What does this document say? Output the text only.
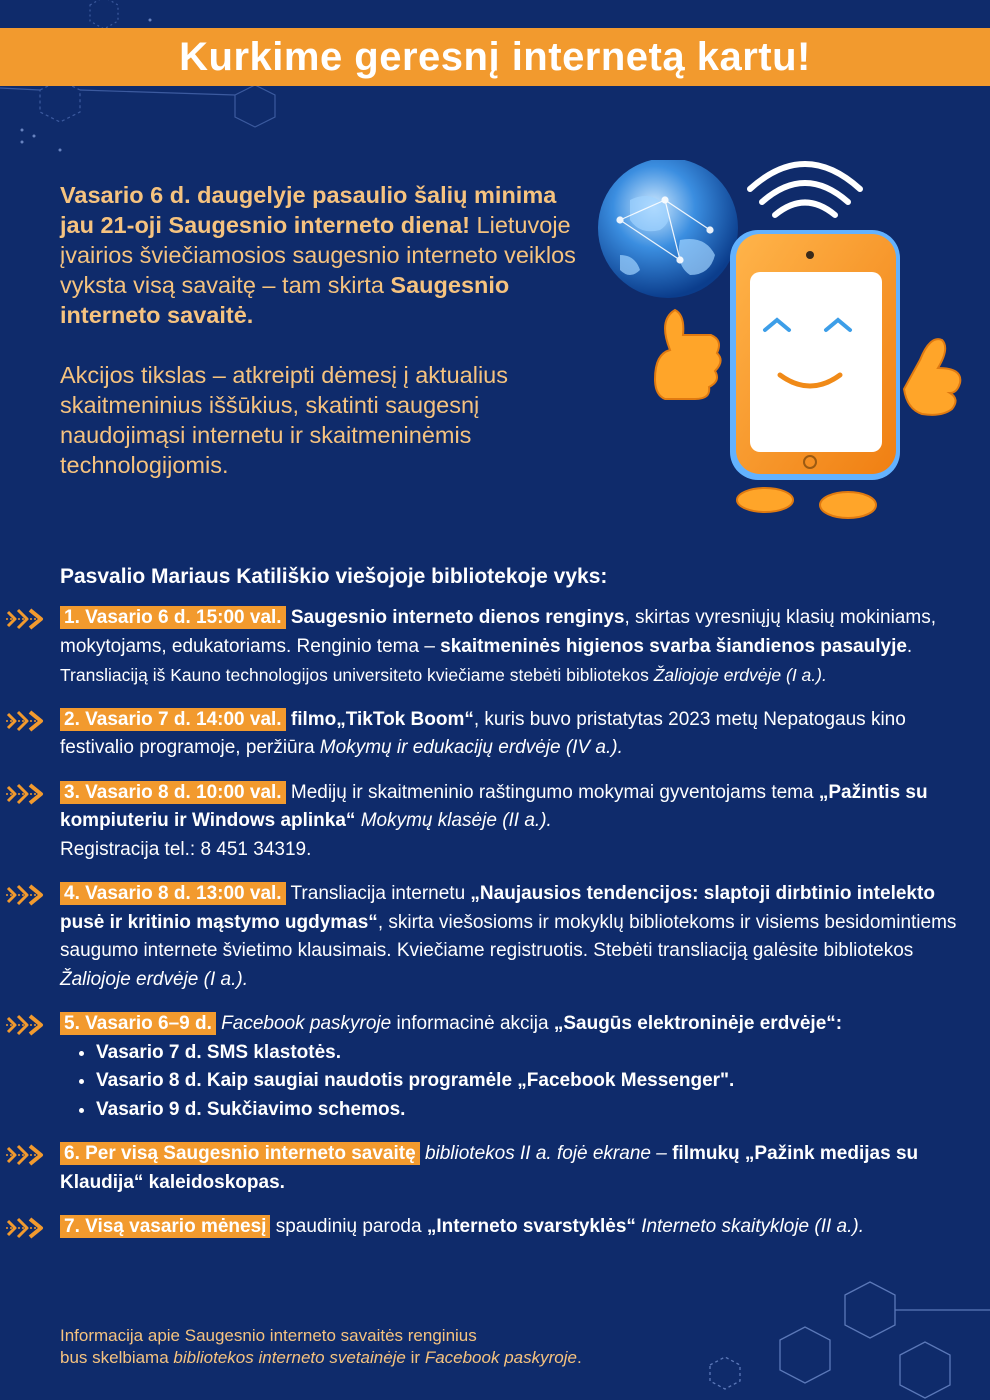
Kurkime geresnį internetą kartu!

Vasario 6 d. daugelyje pasaulio šalių minima jau 21-oji Saugesnio interneto diena! Lietuvoje įvairios šviečiamosios saugesnio interneto veiklos vyksta visą savaitę – tam skirta Saugesnio interneto savaitė.

Akcijos tikslas – atkreipti dėmesį į aktualius skaitmeninius iššūkius, skatinti saugesnį naudojimąsi internetu ir skaitmeninėmis technologijomis.

Pasvalio Mariaus Katiliškio viešojoje bibliotekoje vyks:
1. Vasario 6 d. 15:00 val. Saugesnio interneto dienos renginys, skirtas vyresniųjų klasių mokiniams, mokytojams, edukatoriams. Renginio tema – skaitmeninės higienos svarba šiandienos pasaulyje.
Transliaciją iš Kauno technologijos universiteto kviečiame stebėti bibliotekos Žaliojoje erdvėje (I a.).
2. Vasario 7 d. 14:00 val. filmo„TikTok Boom“, kuris buvo pristatytas 2023 metų Nepatogaus kino festivalio programoje, peržiūra Mokymų ir edukacijų erdvėje (IV a.).
3. Vasario 8 d. 10:00 val. Medijų ir skaitmeninio raštingumo mokymai gyventojams tema „Pažintis su kompiuteriu ir Windows aplinka“ Mokymų klasėje (II a.).
Registracija tel.: 8 451 34319.
4. Vasario 8 d. 13:00 val. Transliacija internetu „Naujausios tendencijos: slaptoji dirbtinio intelekto pusė ir kritinio mąstymo ugdymas“, skirta viešosioms ir mokyklų bibliotekoms ir visiems besidomintiems saugumo internete švietimo klausimais. Kviečiame registruotis. Stebėti transliaciją galėsite bibliotekos Žaliojoje erdvėje (I a.).
5. Vasario 6–9 d. Facebook paskyroje informacinė akcija „Saugūs elektroninėje erdvėje“:
• Vasario 7 d. SMS klastotės.
• Vasario 8 d. Kaip saugiai naudotis programėle „Facebook Messenger".
• Vasario 9 d. Sukčiavimo schemos.
6. Per visą Saugesnio interneto savaitę bibliotekos II a. fojė ekrane – filmukų „Pažink medijas su Klaudija“ kaleidoskopas.
7. Visą vasario mėnesį spaudinių paroda „Interneto svarstyklės“ Interneto skaitykloje (II a.).
Informacija apie Saugesnio interneto savaitės renginius
bus skelbiama bibliotekos interneto svetainėje ir Facebook paskyroje.
